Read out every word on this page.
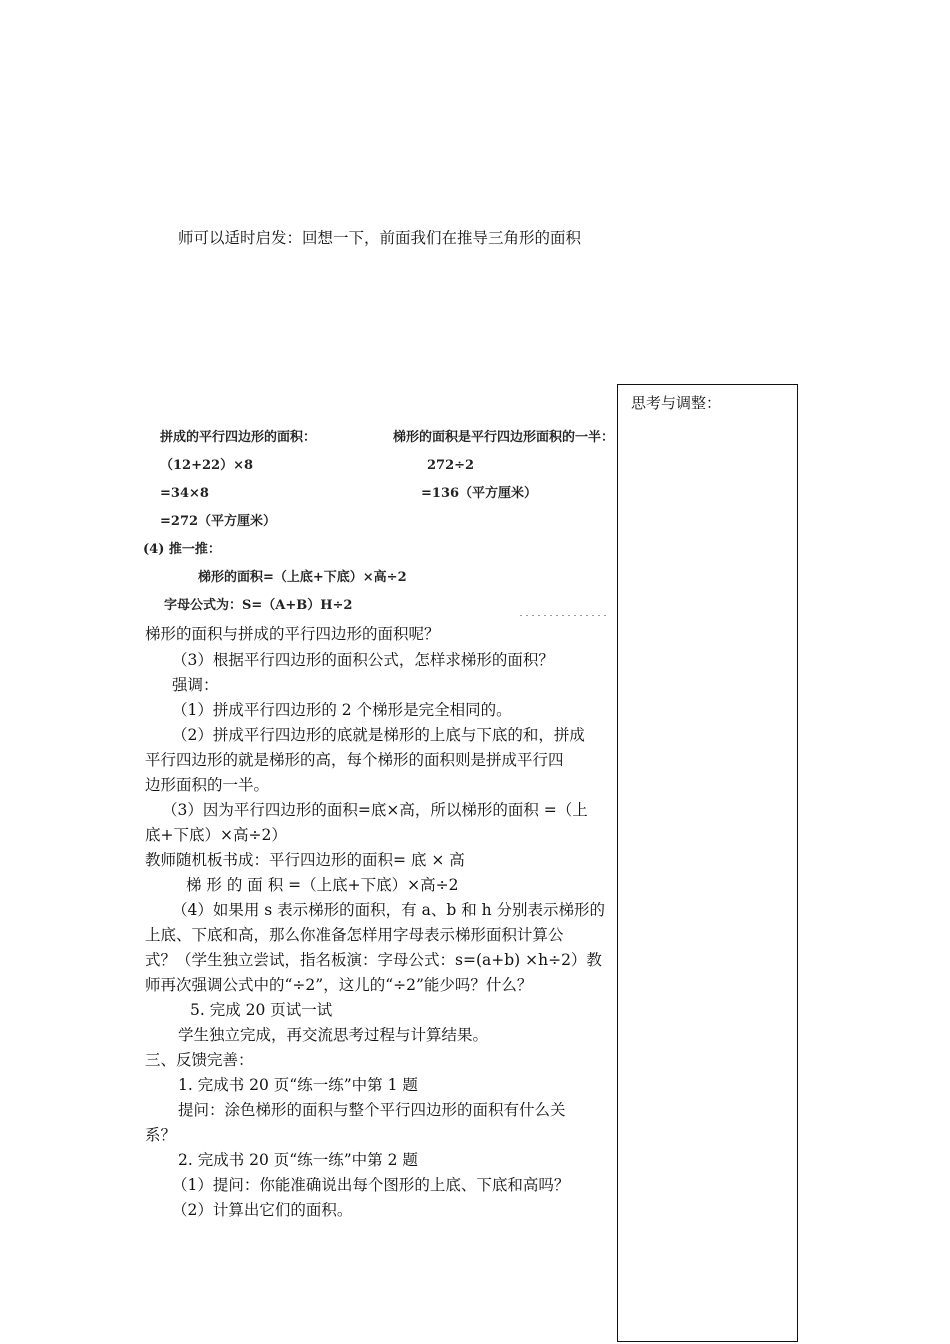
师可以适时启发：回想一下，前面我们在推导三角形的面积
思考与调整：
拼成的平行四边形的面积：
（12+22）×8
=34×8
=272（平方厘米）
梯形的面积是平行四边形面积的一半：
272÷2
=136（平方厘米）
(4) 推一推：
梯形的面积=（上底+下底）×高÷2
字母公式为：S=（A+B）H÷2
梯形的面积与拼成的平行四边形的面积呢？
（3）根据平行四边形的面积公式，怎样求梯形的面积？
强调：
（1）拼成平行四边形的 2 个梯形是完全相同的。
（2）拼成平行四边形的底就是梯形的上底与下底的和，拼成
平行四边形的就是梯形的高，每个梯形的面积则是拼成平行四
边形面积的一半。
（3）因为平行四边形的面积=底×高，所以梯形的面积 =（上
底+下底）×高÷2）
教师随机板书成：平行四边形的面积= 底 × 高
梯 形 的 面 积 =（上底+下底）×高÷2
（4）如果用 s 表示梯形的面积，有 a、b 和 h 分别表示梯形的
上底、下底和高，那么你准备怎样用字母表示梯形面积计算公
式？（学生独立尝试，指名板演：字母公式：s=(a+b) ×h÷2）教
师再次强调公式中的“÷2”，这儿的“÷2”能少吗？什么？
5. 完成 20 页试一试
学生独立完成，再交流思考过程与计算结果。
三、反馈完善：
1. 完成书 20 页“练一练”中第 1 题
提问：涂色梯形的面积与整个平行四边形的面积有什么关
系？
2. 完成书 20 页“练一练”中第 2 题
（1）提问：你能准确说出每个图形的上底、下底和高吗？
（2）计算出它们的面积。
